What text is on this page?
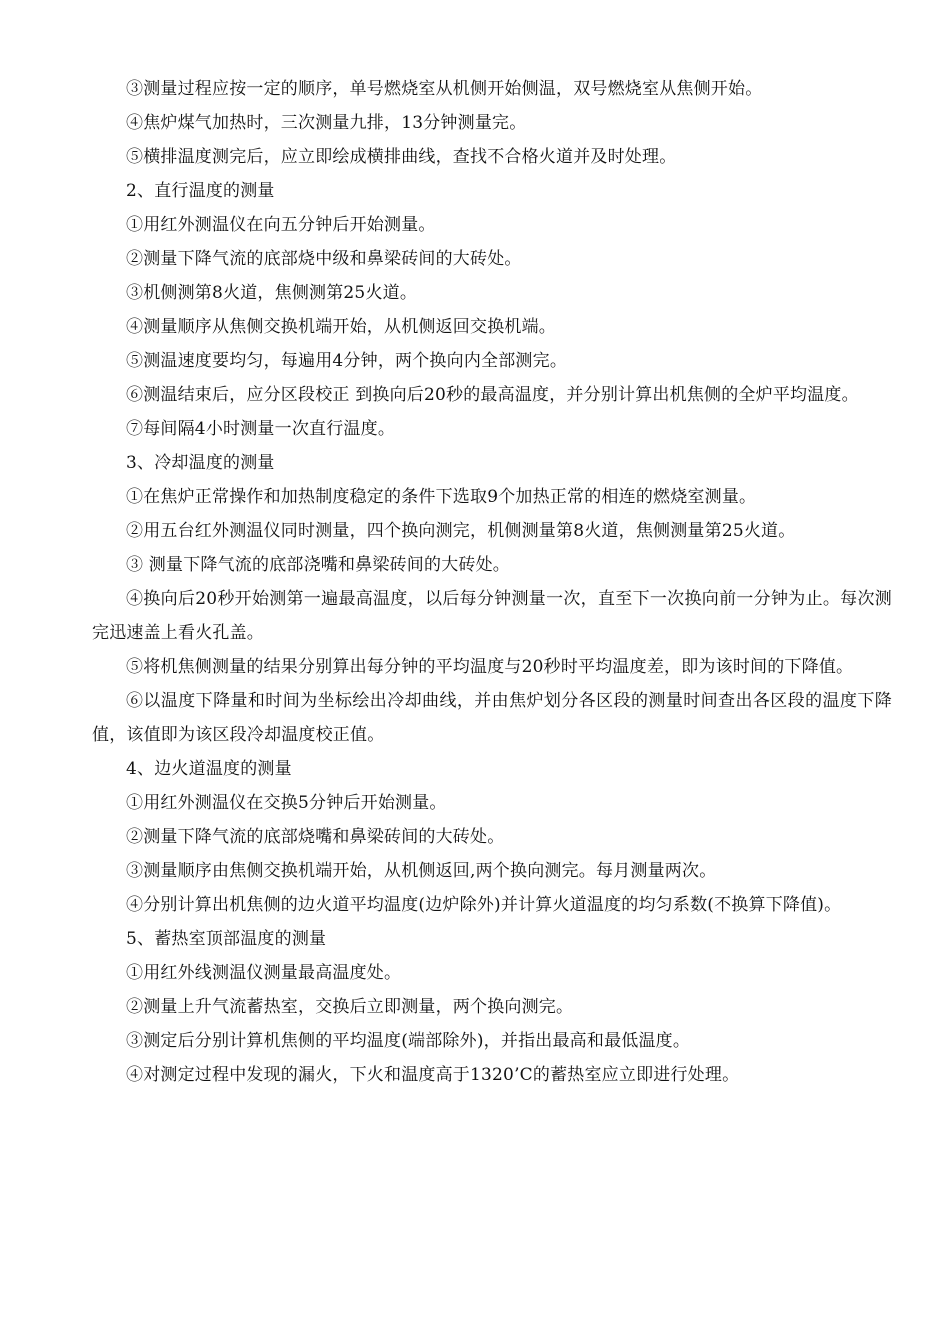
③测量过程应按一定的顺序，单号燃烧室从机侧开始侧温，双号燃烧室从焦侧开始。

④焦炉煤气加热时，三次测量九排，13分钟测量完。

⑤横排温度测完后，应立即绘成横排曲线，查找不合格火道并及时处理。

2、直行温度的测量

①用红外测温仪在向五分钟后开始测量。

②测量下降气流的底部烧中级和鼻梁砖间的大砖处。

③机侧测第8火道，焦侧测第25火道。

④测量顺序从焦侧交换机端开始，从机侧返回交换机端。

⑤测温速度要均匀，每遍用4分钟，两个换向内全部测完。

⑥测温结束后，应分区段校正 到换向后20秒的最高温度，并分别计算出机焦侧的全炉平均温度。

⑦每间隔4小时测量一次直行温度。

3、冷却温度的测量

①在焦炉正常操作和加热制度稳定的条件下选取9个加热正常的相连的燃烧室测量。

②用五台红外测温仪同时测量，四个换向测完，机侧测量第8火道，焦侧测量第25火道。

③ 测量下降气流的底部浇嘴和鼻梁砖间的大砖处。

④换向后20秒开始测第一遍最高温度，以后每分钟测量一次，直至下一次换向前一分钟为止。每次测完迅速盖上看火孔盖。

⑤将机焦侧测量的结果分别算出每分钟的平均温度与20秒时平均温度差，即为该时间的下降值。

⑥以温度下降量和时间为坐标绘出冷却曲线，并由焦炉划分各区段的测量时间查出各区段的温度下降值，该值即为该区段冷却温度校正值。

4、边火道温度的测量

①用红外测温仪在交换5分钟后开始测量。

②测量下降气流的底部烧嘴和鼻梁砖间的大砖处。

③测量顺序由焦侧交换机端开始，从机侧返回,两个换向测完。每月测量两次。

④分别计算出机焦侧的边火道平均温度(边炉除外)并计算火道温度的均匀系数(不换算下降值)。

5、蓄热室顶部温度的测量

①用红外线测温仪测量最高温度处。

②测量上升气流蓄热室，交换后立即测量，两个换向测完。

③测定后分别计算机焦侧的平均温度(端部除外)，并指出最高和最低温度。

④对测定过程中发现的漏火，下火和温度高于1320’C的蓄热室应立即进行处理。
